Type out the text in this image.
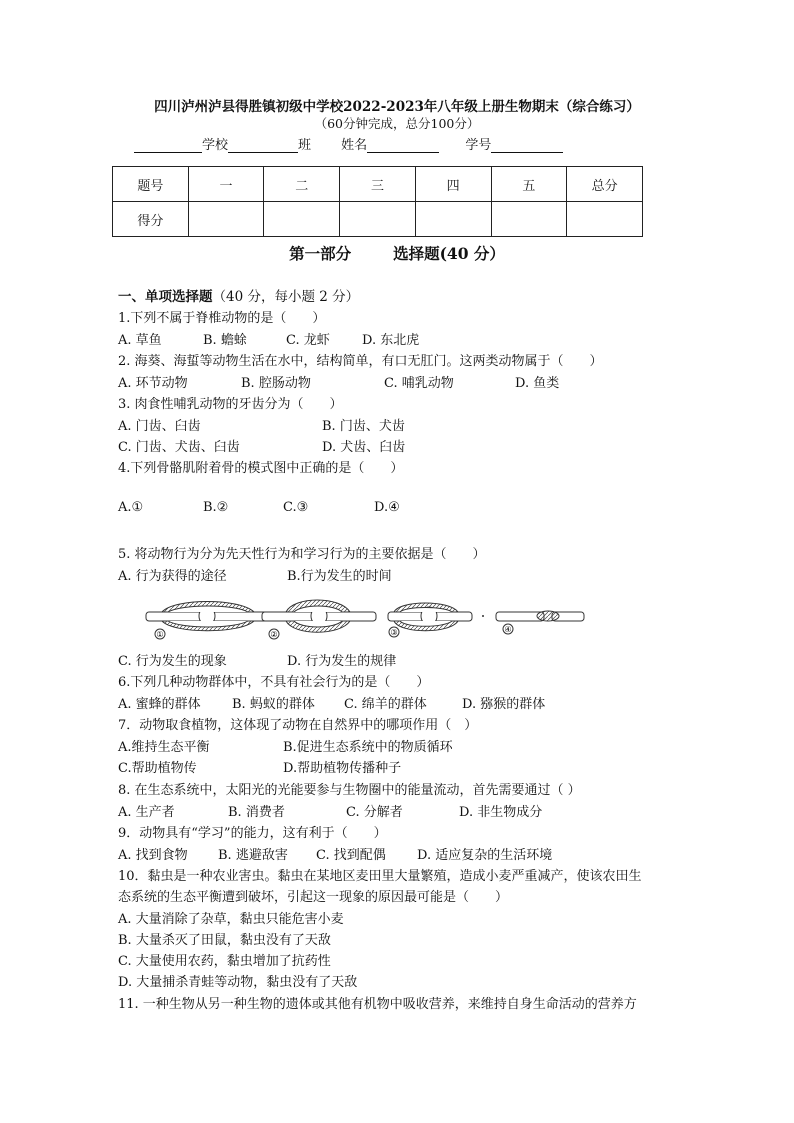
四川泸州泸县得胜镇初级中学校2022-2023年八年级上册生物期末（综合练习）
（60分钟完成，总分100分）
学校	班 姓名	学号
题号	一	二	三	四	五	总分
得分						
第一部分	选择题(40 分）
一、单项选择题（40 分，每小题 2 分）
1.下列不属于脊椎动物的是（　　）
A. 草鱼	B. 蟾蜍	C. 龙虾 D. 东北虎
2. 海葵、海蜇等动物生活在水中，结构简单，有口无肛门。这两类动物属于（　　）
A. 环节动物	B. 腔肠动物	C. 哺乳动物	D. 鱼类
3. 肉食性哺乳动物的牙齿分为（　　）
A. 门齿、臼齿	B. 门齿、犬齿
C. 门齿、犬齿、臼齿	D. 犬齿、臼齿
4.下列骨骼肌附着骨的模式图中正确的是（　　）
A.①	B.②	C.③	D.④
5. 将动物行为分为先天性行为和学习行为的主要依据是（　　）
A. 行为获得的途径	B.行为发生的时间
①	②	③	④
C. 行为发生的现象	D. 行为发生的规律
6.下列几种动物群体中，不具有社会行为的是（　　）
A. 蜜蜂的群体 B. 蚂蚁的群体 C. 绵羊的群体	D. 猕猴的群体
7．动物取食植物，这体现了动物在自然界中的哪项作用（　）
A.维持生态平衡	B.促进生态系统中的物质循环
C.帮助植物传	D.帮助植物传播种子
8. 在生态系统中，太阳光的光能要参与生物圈中的能量流动，首先需要通过（ ）
A. 生产者	B. 消费者	C. 分解者	D. 非生物成分
9．动物具有“学习”的能力，这有利于（　　）
A. 找到食物 B. 逃避敌害 C. 找到配偶 D. 适应复杂的生活环境
10．黏虫是一种农业害虫。黏虫在某地区麦田里大量繁殖，造成小麦严重减产，使该农田生
态系统的生态平衡遭到破坏，引起这一现象的原因最可能是（　　）
A. 大量消除了杂草，黏虫只能危害小麦
B. 大量杀灭了田鼠，黏虫没有了天敌
C. 大量使用农药，黏虫增加了抗药性
D. 大量捕杀青蛙等动物，黏虫没有了天敌
11. 一种生物从另一种生物的遗体或其他有机物中吸收营养，来维持自身生命活动的营养方
